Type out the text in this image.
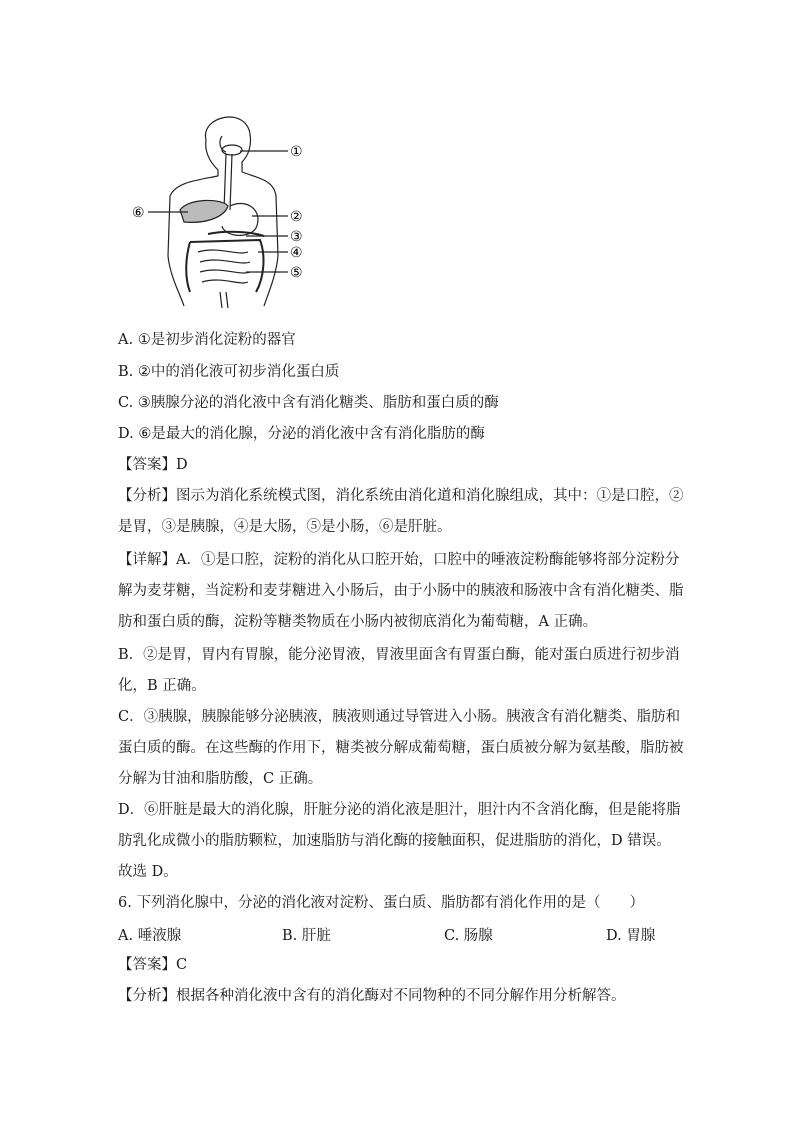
①
②
③
④
⑤
⑥
A. ①是初步消化淀粉的器官
B. ②中的消化液可初步消化蛋白质
C. ③胰腺分泌的消化液中含有消化糖类、脂肪和蛋白质的酶
D. ⑥是最大的消化腺，分泌的消化液中含有消化脂肪的酶
【答案】D
【分析】图示为消化系统模式图，消化系统由消化道和消化腺组成，其中：①是口腔，②
是胃，③是胰腺，④是大肠，⑤是小肠，⑥是肝脏。
【详解】A．①是口腔，淀粉的消化从口腔开始，口腔中的唾液淀粉酶能够将部分淀粉分
解为麦芽糖，当淀粉和麦芽糖进入小肠后，由于小肠中的胰液和肠液中含有消化糖类、脂
肪和蛋白质的酶，淀粉等糖类物质在小肠内被彻底消化为葡萄糖，A 正确。
B．②是胃，胃内有胃腺，能分泌胃液，胃液里面含有胃蛋白酶，能对蛋白质进行初步消
化，B 正确。
C．③胰腺，胰腺能够分泌胰液，胰液则通过导管进入小肠。胰液含有消化糖类、脂肪和
蛋白质的酶。在这些酶的作用下，糖类被分解成葡萄糖，蛋白质被分解为氨基酸，脂肪被
分解为甘油和脂肪酸，C 正确。
D．⑥肝脏是最大的消化腺，肝脏分泌的消化液是胆汁，胆汁内不含消化酶，但是能将脂
肪乳化成微小的脂肪颗粒，加速脂肪与消化酶的接触面积，促进脂肪的消化，D 错误。
故选 D。
6. 下列消化腺中，分泌的消化液对淀粉、蛋白质、脂肪都有消化作用的是（　　）
A. 唾液腺	B. 肝脏	C. 肠腺	D. 胃腺
【答案】C
【分析】根据各种消化液中含有的消化酶对不同物种的不同分解作用分析解答。
